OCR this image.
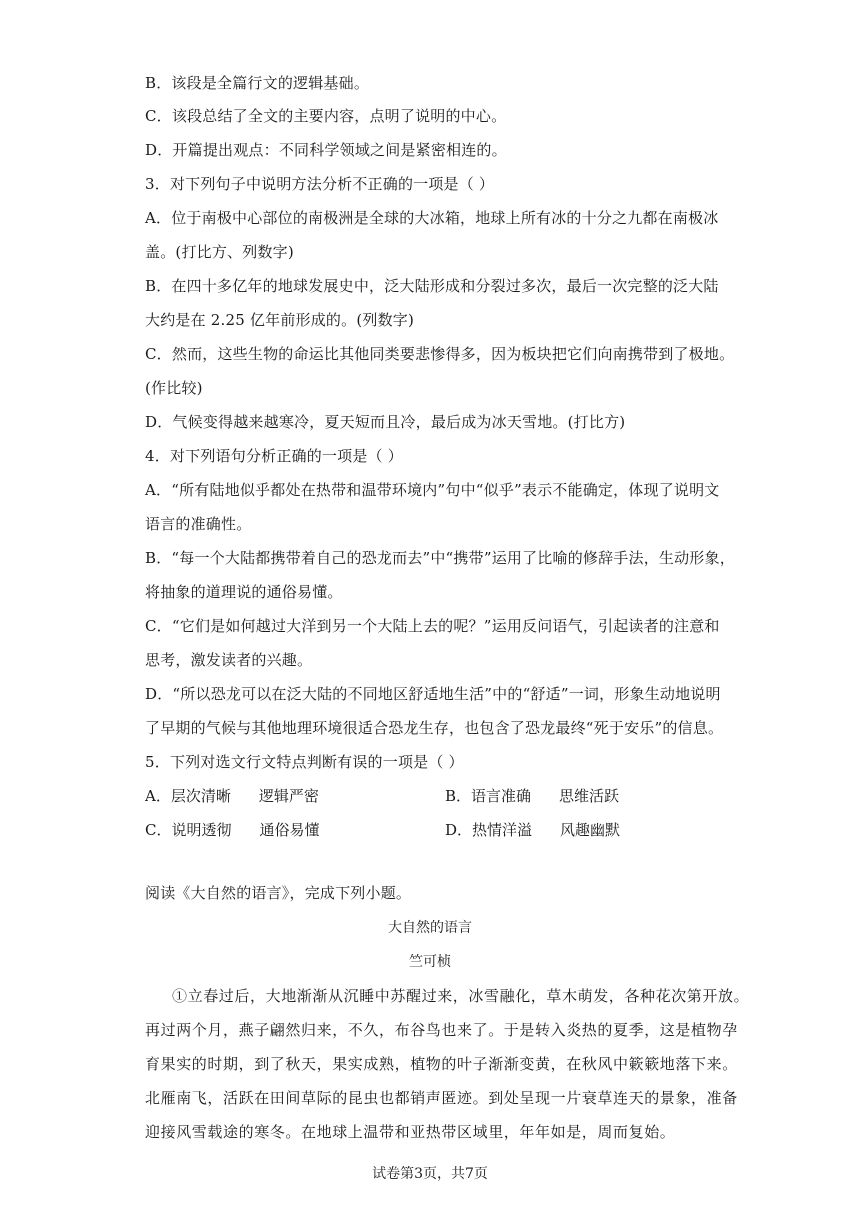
B．该段是全篇行文的逻辑基础。
C．该段总结了全文的主要内容，点明了说明的中心。
D．开篇提出观点：不同科学领域之间是紧密相连的。
3．对下列句子中说明方法分析不正确的一项是（ ）
A．位于南极中心部位的南极洲是全球的大冰箱，地球上所有冰的十分之九都在南极冰
盖。(打比方、列数字)
B．在四十多亿年的地球发展史中，泛大陆形成和分裂过多次，最后一次完整的泛大陆
大约是在 2.25 亿年前形成的。(列数字)
C．然而，这些生物的命运比其他同类要悲惨得多，因为板块把它们向南携带到了极地。
(作比较)
D．气候变得越来越寒冷，夏天短而且冷，最后成为冰天雪地。(打比方)
4．对下列语句分析正确的一项是（ ）
A．“所有陆地似乎都处在热带和温带环境内”句中“似乎”表示不能确定，体现了说明文
语言的准确性。
B．“每一个大陆都携带着自己的恐龙而去”中“携带”运用了比喻的修辞手法，生动形象，
将抽象的道理说的通俗易懂。
C．“它们是如何越过大洋到另一个大陆上去的呢？”运用反问语气，引起读者的注意和
思考，激发读者的兴趣。
D．“所以恐龙可以在泛大陆的不同地区舒适地生活”中的“舒适”一词，形象生动地说明
了早期的气候与其他地理环境很适合恐龙生存，也包含了恐龙最终“死于安乐”的信息。
5．下列对选文行文特点判断有误的一项是（ ）
A．层次清晰 逻辑严密	B．语言准确 思维活跃
C．说明透彻 通俗易懂	D．热情洋溢 风趣幽默
阅读《大自然的语言》，完成下列小题。
大自然的语言
竺可桢
①立春过后，大地渐渐从沉睡中苏醒过来，冰雪融化，草木萌发，各种花次第开放。
再过两个月，燕子翩然归来，不久，布谷鸟也来了。于是转入炎热的夏季，这是植物孕
育果实的时期，到了秋天，果实成熟，植物的叶子渐渐变黄，在秋风中簌簌地落下来。
北雁南飞，活跃在田间草际的昆虫也都销声匿迹。到处呈现一片衰草连天的景象，准备
迎接风雪载途的寒冬。在地球上温带和亚热带区域里，年年如是，周而复始。
试卷第3页，共7页
